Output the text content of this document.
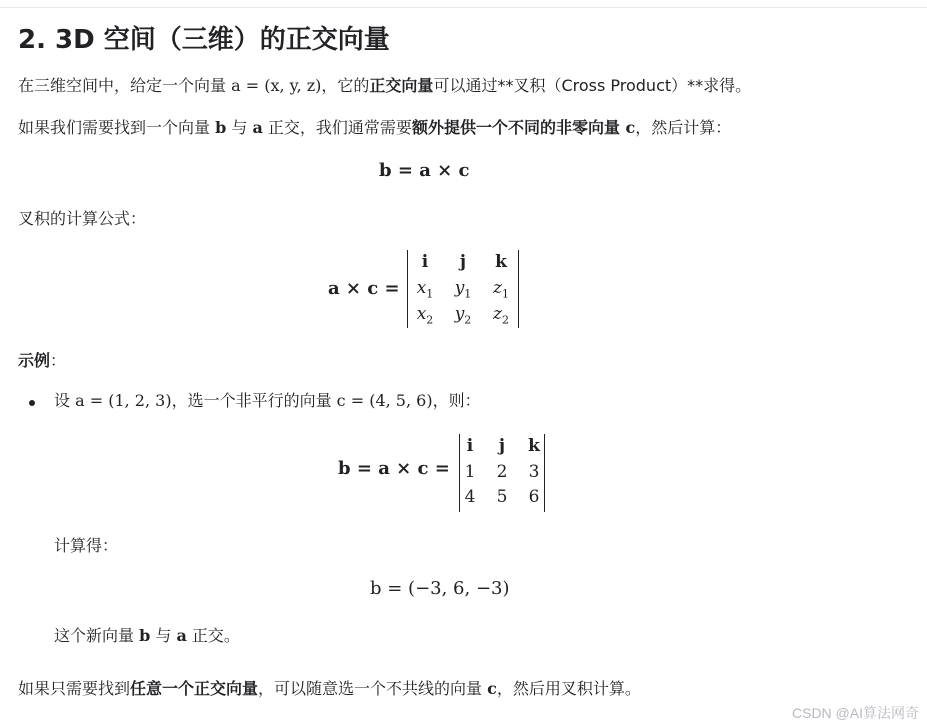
2. 3D 空间（三维）的正交向量
在三维空间中，给定一个向量 a = (x, y, z)，它的正交向量可以通过**叉积（Cross Product）**求得。
如果我们需要找到一个向量 b 与 a 正交，我们通常需要额外提供一个不同的非零向量 c，然后计算：
b = a × c
叉积的计算公式：
a × c =
i	j	k
$x_1$	$y_1$	$z_1$
$x_2$	$y_2$	$z_2$
示例：
设 a = (1, 2, 3)，选一个非平行的向量 c = (4, 5, 6)，则：
b = a × c =
i	j	k
1	2	3
4	5	6
计算得：
b = (−3, 6, −3)
这个新向量 b 与 a 正交。
如果只需要找到任意一个正交向量，可以随意选一个不共线的向量 c，然后用叉积计算。
CSDN @AI算法网奇
